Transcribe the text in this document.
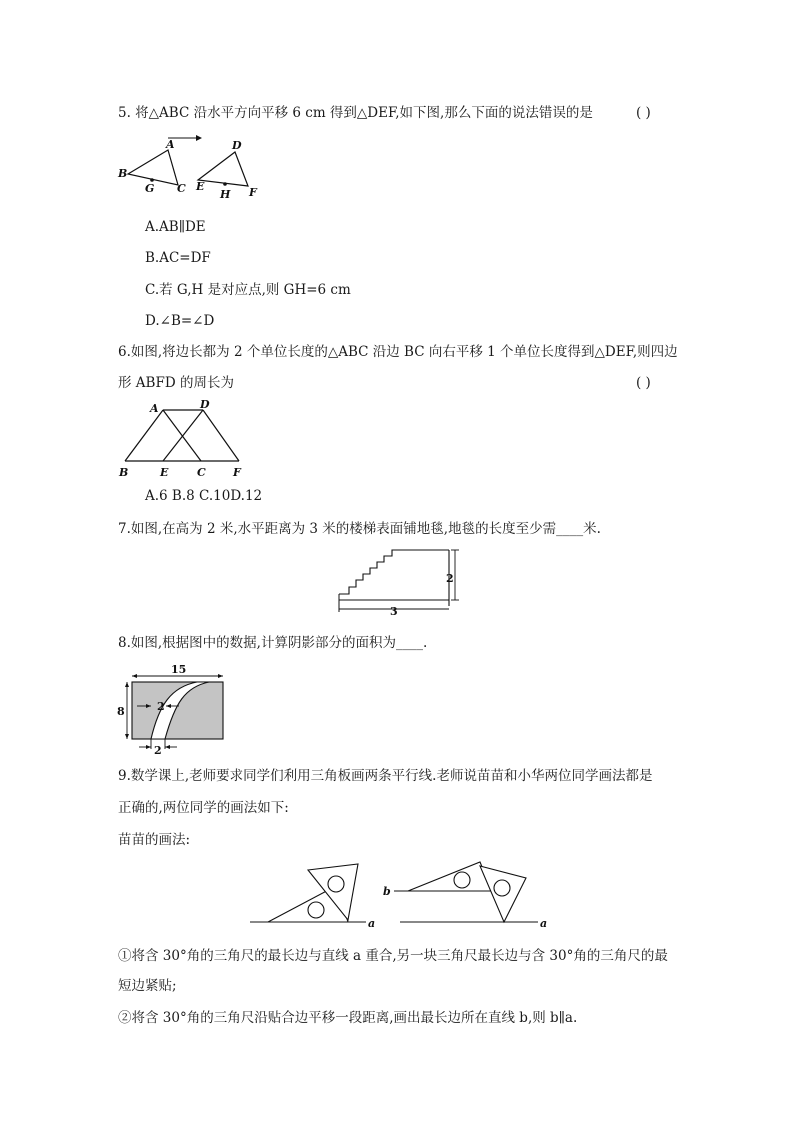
5. 将△ABC 沿水平方向平移 6 cm 得到△DEF,如下图,那么下面的说法错误的是	( )
A
B
C
G
D
E	F
H
A.AB∥DE
B.AC=DF
C.若 G,H 是对应点,则 GH=6 cm
D.∠B=∠D
6.如图,将边长都为 2 个单位长度的△ABC 沿边 BC 向右平移 1 个单位长度得到△DEF,则四边
形 ABFD 的周长为	( )
A	D
B	E	C F
A.6 B.8 C.10D.12
7.如图,在高为 2 米,水平距离为 3 米的楼梯表面铺地毯,地毯的长度至少需____米.
3
2
8.如图,根据图中的数据,计算阴影部分的面积为____.
15
8	2
2
9.数学课上,老师要求同学们利用三角板画两条平行线.老师说苗苗和小华两位同学画法都是
正确的,两位同学的画法如下:
苗苗的画法:
a
b
a
①将含 30°角的三角尺的最长边与直线 a 重合,另一块三角尺最长边与含 30°角的三角尺的最
短边紧贴;
②将含 30°角的三角尺沿贴合边平移一段距离,画出最长边所在直线 b,则 b∥a.
